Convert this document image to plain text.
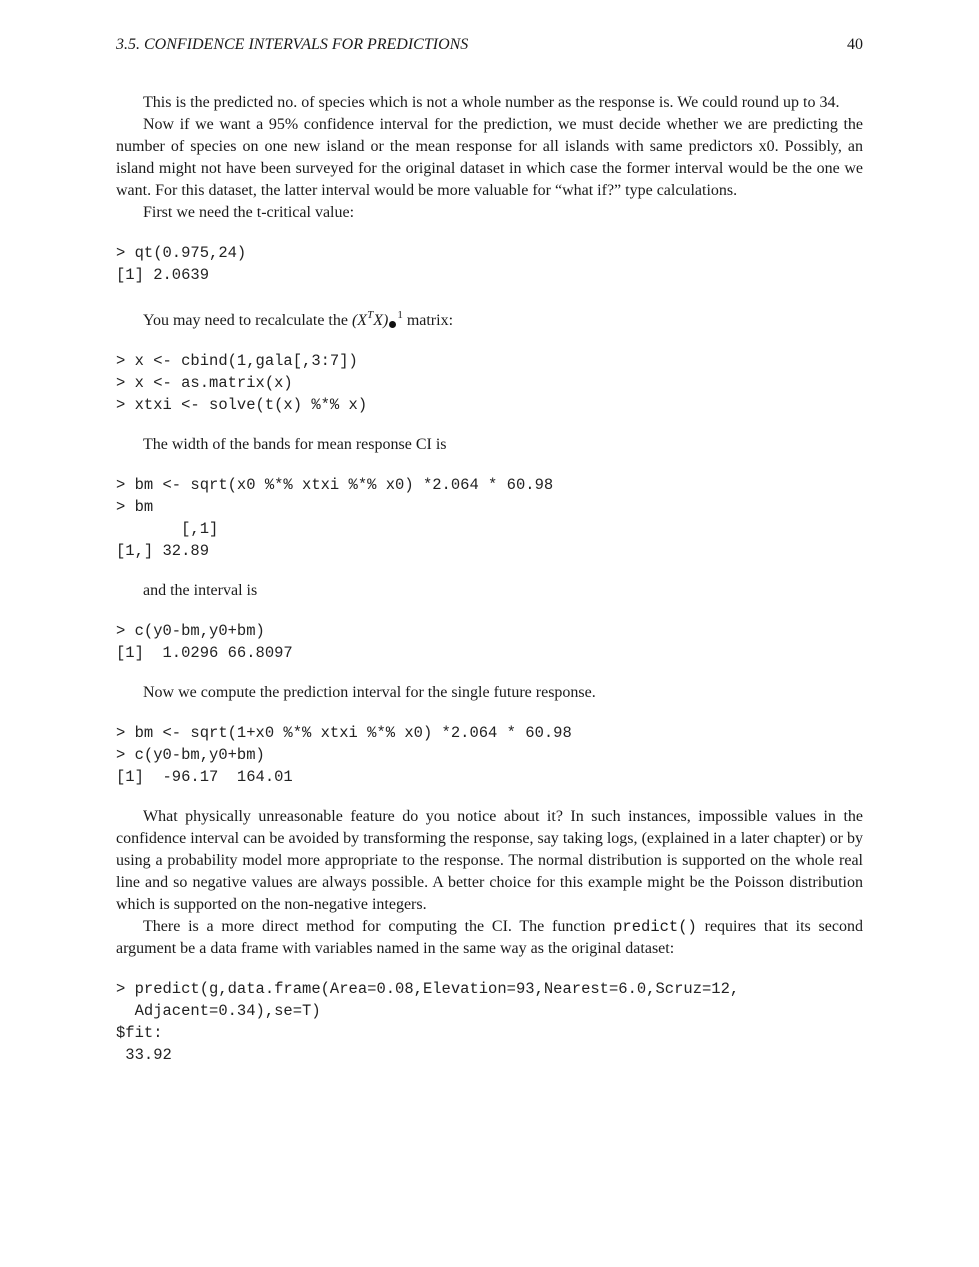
3.5. CONFIDENCE INTERVALS FOR PREDICTIONS	40

This is the predicted no. of species which is not a whole number as the response is. We could round up to 34.

Now if we want a 95% confidence interval for the prediction, we must decide whether we are predicting the number of species on one new island or the mean response for all islands with same predictors x0. Possibly, an island might not have been surveyed for the original dataset in which case the former interval would be the one we want. For this dataset, the latter interval would be more valuable for “what if?” type calculations.

First we need the t-critical value:

> qt(0.975,24)
[1] 2.0639

You may need to recalculate the $(X^TX)$ $^1$ matrix:

> x <- cbind(1,gala[,3:7])
> x <- as.matrix(x)
> xtxi <- solve(t(x) %*% x)

The width of the bands for mean response CI is

> bm <- sqrt(x0 %*% xtxi %*% x0) *2.064 * 60.98
> bm
[,1]
[1,] 32.89

and the interval is

> c(y0-bm,y0+bm)
[1]  1.0296 66.8097

Now we compute the prediction interval for the single future response.

> bm <- sqrt(1+x0 %*% xtxi %*% x0) *2.064 * 60.98
> c(y0-bm,y0+bm)
[1]  -96.17  164.01

What physically unreasonable feature do you notice about it? In such instances, impossible values in the confidence interval can be avoided by transforming the response, say taking logs, (explained in a later chapter) or by using a probability model more appropriate to the response. The normal distribution is supported on the whole real line and so negative values are always possible. A better choice for this example might be the Poisson distribution which is supported on the non-negative integers.

There is a more direct method for computing the CI. The function predict() requires that its second argument be a data frame with variables named in the same way as the original dataset:

> predict(g,data.frame(Area=0.08,Elevation=93,Nearest=6.0,Scruz=12,
Adjacent=0.34),se=T)
$fit:
33.92
